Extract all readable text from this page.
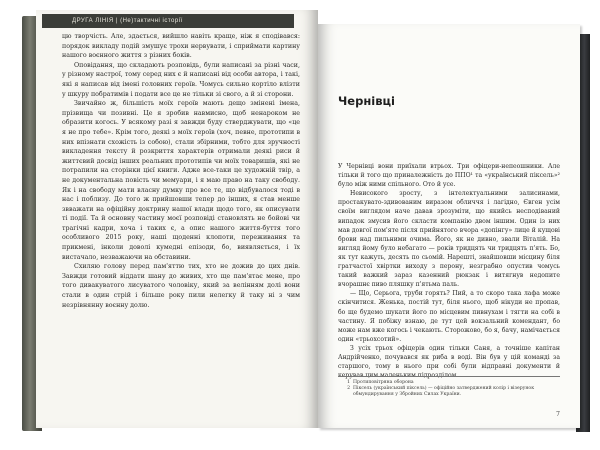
ДРУГА ЛІНІЯ | (Не)тактичні історії

цю творчість. Але, здається, вийшло навіть краще, ніж я сподівався: порядок викладу подій змушує трохи нервувати, і сприймати картину нашого воєнного життя з різних боків.

Оповідання, що складають розповідь, були написані за різні часи, у різному настрої, тому серед них є й написані від особи автора, і такі, які я написав від імені головних героїв. Чомусь сильно кортіло влізти у шкуру побратимів і подати все це не тільки зі свого, а й зі сторони.

Звичайно ж, більшість моїх героїв мають дещо змінені імена, прізвища чи позивні. Це я зробив навмисно, щоб ненароком не образити когось. У всякому разі я завжди буду стверджувати, що «це я не про тебе». Крім того, деякі з моїх героїв (хоч, певне, прототипи в них впізнати схожість із собою), стали збірними, тобто для зручності викладення тексту й розкриття характерів отримали деякі риси й життєвий досвід інших реальних прототипів чи моїх товаришів, які не потрапили на сторінки цієї книги. Адже все-таки це художній твір, а не документальна повість чи мемуари, і я маю право на таку свободу. Як і на свободу мати власну думку про все те, що відбувалося тоді в нас і поблизу. До того ж прийшовши тепер до інших, я став менше звважати на офіційну доктрину нашої влади щодо того, як описувати ті події. Та й основну частину моєї розповіді становлять не бойові чи трагічні кадри, хоча і таких є, а опис нашого життя-буття того особливого 2015 року, наші щоденні клопоти, переживання та прикмені, інколи доволі кумедні епізоди, бо, виявляється, і їх вистачало, незважаючи на обставини.

Схиляю голову перед пам'яттю тих, хто не дожив до цих днів. Завжди готовий віддати шану до живих, хто ще пам'ятає мене, про того дивакуватого лисуватого чоловіку, який за велінням долі вони стали в один стрій і більше року пили нелегку й таку ні з чим незрівнянну воєнну долю.

Чернівці

У Чернівці вони приїхали втрьох. Три офіцери-непеошники. Але тільки й того що приналежність до ППО¹ та «український піксель»² було між ними спільного. Ото й усе.

Невисокого зросту, з інтелектуальними залисинами, простакувато-здивованим виразом обличчя і лагідно, Євген усім своїм виглядом наче давав зрозуміти, що якийсь несподіваний випадок змусив його скласти компанію двом іншим. Один із них мав довгої пом'яте після прийнятого вчора «допінгу» лице й кущові брови над пильними очима. Його, як не дивно, звали Віталій. На вигляд йому було небагато — років тридцять чи тридцять п'ять. Бо, як тут кажуть, десять по сьомій. Нарешті, знайшовши місцину біля гратчастої хвіртки виходу з перону, незграбно опустив чомусь такий важкий зараз казенний рюкзак і витягнув недопите вчорашнє пиво пляшку п'ятьма паль.

— Що, Серьога, труби горять? Пий, а то скоро така лафа може скінчитися. Женька, постій тут, біля нього, щоб нікуди не пропав, бо ще будемо шукати його по місцевим пивнухам і тягти на собі в частину. Я побіжу взнаю, де тут цей вокзальний комендант, бо може нам вже когось і чекають. Сторожово, бо я, бачу, намічається один «трьохсотий».

З усіх трьох офіцерів один тільки Саня, а точніше капітан Андрійченко, почувався як риба в воді. Він був у цій команді за старшого, тому в нього при собі були відправні документи й керував цим маленьким підрозділом.

1 Протиповітряна оборона
2 Піксель (український піксель) — офіційно затверджений колір і візерунок обмундирування у Збройних Силах України.
7
